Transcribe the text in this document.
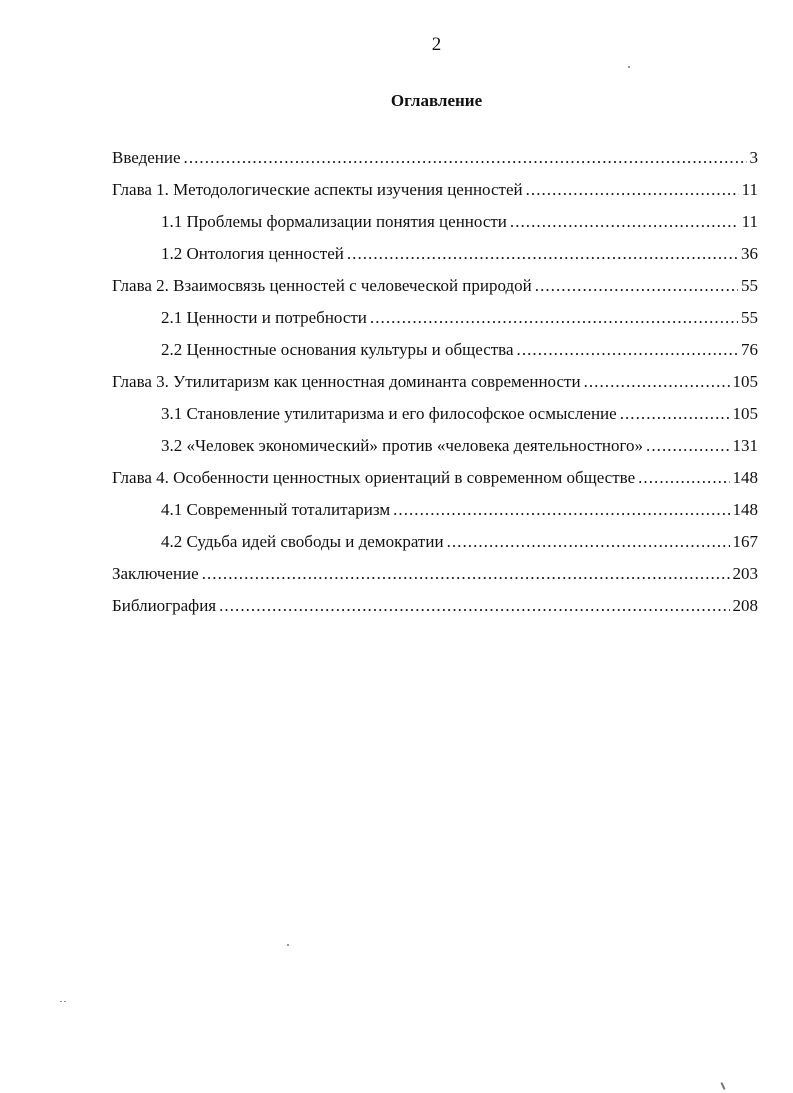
2
Оглавление
Введение . . .	3
Глава 1. Методологические аспекты изучения ценностей . . .	11
1.1 Проблемы формализации понятия ценности . . .	11
1.2 Онтология ценностей . . .	36
Глава 2. Взаимосвязь ценностей с человеческой природой . . .	55
2.1 Ценности и потребности . . .	55
2.2 Ценностные основания культуры и общества . . .	76
Глава 3. Утилитаризм как ценностная доминанта современности . . .	105
3.1 Становление утилитаризма и его философское осмысление . . .	105
3.2 «Человек экономический» против «человека деятельностного» . . .	131
Глава 4. Особенности ценностных ориентаций в современном обществе . . .	148
4.1 Современный тоталитаризм . . .	148
4.2 Судьба идей свободы и демократии . . .	167
Заключение . . .	203
Библиография . . .	208
